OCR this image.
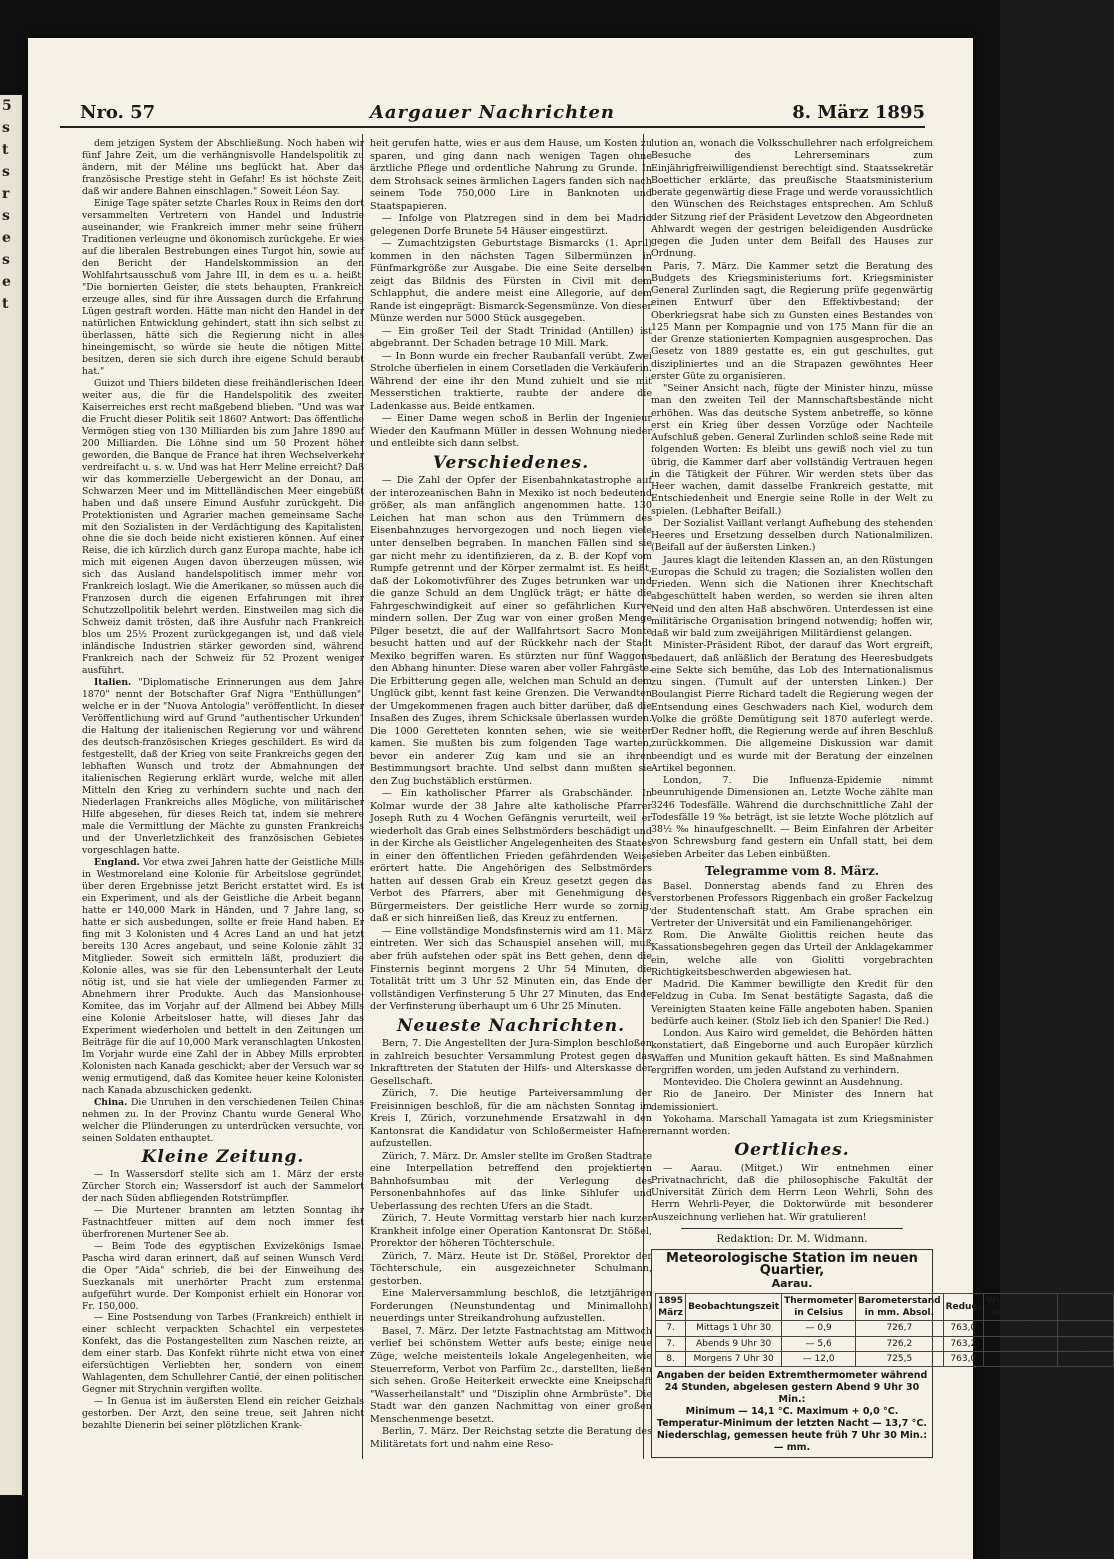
5
s
t
s
r
s
e
s
e
t
Nro. 57	Aargauer Nachrichten	8. März 1895

dem jetzigen System der Abschließung. Noch haben wir fünf Jahre Zeit, um die verhängnisvolle Handelspolitik zu ändern, mit der Méline uns beglückt hat. Aber das französische Prestige steht in Gefahr! Es ist höchste Zeit, daß wir andere Bahnen einschlagen." Soweit Léon Say.

Einige Tage später setzte Charles Roux in Reims den dort versammelten Vertretern von Handel und Industrie auseinander, wie Frankreich immer mehr seine frühern Traditionen verleugne und ökonomisch zurückgehe. Er wies auf die liberalen Bestrebungen eines Turgot hin, sowie auf den Bericht der Handelskommission an den Wohlfahrtsausschuß vom Jahre III, in dem es u. a. heißt: "Die bornierten Geister, die stets behaupten, Frankreich erzeuge alles, sind für ihre Aussagen durch die Erfahrung Lügen gestraft worden. Hätte man nicht den Handel in der natürlichen Entwicklung gehindert, statt ihn sich selbst zu überlassen, hätte sich die Regierung nicht in alles hineingemischt, so würde sie heute die nötigen Mittel besitzen, deren sie sich durch ihre eigene Schuld beraubt hat."

Guizot und Thiers bildeten diese freihändlerischen Ideen weiter aus, die für die Handelspolitik des zweiten Kaiserreiches erst recht maßgebend blieben. "Und was war die Frucht dieser Politik seit 1860? Antwort: Das öffentliche Vermögen stieg von 130 Milliarden bis zum Jahre 1890 auf 200 Milliarden. Die Löhne sind um 50 Prozent höher geworden, die Banque de France hat ihren Wechselverkehr verdreifacht u. s. w. Und was hat Herr Meline erreicht? Daß wir das kommerzielle Uebergewicht an der Donau, am Schwarzen Meer und im Mittelländischen Meer eingebüßt haben und daß unsere Einund Ausfuhr zurückgeht. Die Protektionisten und Agrarier machen gemeinsame Sache mit den Sozialisten in der Verdächtigung des Kapitalisten, ohne die sie doch beide nicht existieren können. Auf einer Reise, die ich kürzlich durch ganz Europa machte, habe ich mich mit eigenen Augen davon überzeugen müssen, wie sich das Ausland handelspolitisch immer mehr von Frankreich loslagt. Wie die Amerikaner, so müssen auch die Franzosen durch die eigenen Erfahrungen mit ihrer Schutzzollpolitik belehrt werden. Einstweilen mag sich die Schweiz damit trösten, daß ihre Ausfuhr nach Frankreich blos um 25½ Prozent zurückgegangen ist, und daß viele inländische Industrien stärker geworden sind, während Frankreich nach der Schweiz für 52 Prozent weniger ausführt.

Italien. "Diplomatische Erinnerungen aus dem Jahre 1870" nennt der Botschafter Graf Nigra "Enthüllungen", welche er in der "Nuova Antologia" veröffentlicht. In dieser Veröffentlichung wird auf Grund "authentischer Urkunden" die Haltung der italienischen Regierung vor und während des deutsch-französischen Krieges geschildert. Es wird da festgestellt, daß der Krieg von seite Frankreichs gegen den lebhaften Wunsch und trotz der Abmahnungen der italienischen Regierung erklärt wurde, welche mit allen Mitteln den Krieg zu verhindern suchte und nach den Niederlagen Frankreichs alles Mögliche, von militärischer Hilfe abgesehen, für dieses Reich tat, indem sie mehrere male die Vermittlung der Mächte zu gunsten Frankreichs und der Unverletzlichkeit des französischen Gebietes vorgeschlagen hatte.

England. Vor etwa zwei Jahren hatte der Geistliche Mills in Westmoreland eine Kolonie für Arbeitslose gegründet, über deren Ergebnisse jetzt Bericht erstattet wird. Es ist ein Experiment, und als der Geistliche die Arbeit begann, hatte er 140,000 Mark in Händen, und 7 Jahre lang, so hatte er sich ausbedungen, sollte er freie Hand haben. Er fing mit 3 Kolonisten und 4 Acres Land an und hat jetzt bereits 130 Acres angebaut, und seine Kolonie zählt 32 Mitglieder. Soweit sich ermitteln läßt, produziert die Kolonie alles, was sie für den Lebensunterhalt der Leute nötig ist, und sie hat viele der umliegenden Farmer zu Abnehmern ihrer Produkte. Auch das Mansionhouse-Komitee, das im Vorjahr auf der Allmend bei Abbey Mills eine Kolonie Arbeitsloser hatte, will dieses Jahr das Experiment wiederholen und bettelt in den Zeitungen um Beiträge für die auf 10,000 Mark veranschlagten Unkosten. Im Vorjahr wurde eine Zahl der in Abbey Mills erprobten Kolonisten nach Kanada geschickt; aber der Versuch war so wenig ermutigend, daß das Komitee heuer keine Kolonisten nach Kanada abzuschicken gedenkt.

China. Die Unruhen in den verschiedenen Teilen Chinas nehmen zu. In der Provinz Chantu wurde General Who, welcher die Plünderungen zu unterdrücken versuchte, von seinen Soldaten enthauptet.

Kleine Zeitung.

— In Wassersdorf stellte sich am 1. März der erste Zürcher Storch ein; Wassersdorf ist auch der Sammelort der nach Süden abfliegenden Rotstrümpfler.

— Die Murtener brannten am letzten Sonntag ihr Fastnachtfeuer mitten auf dem noch immer fest überfrorenen Murtener See ab.

— Beim Tode des egyptischen Exvizekönigs Ismael Pascha wird daran erinnert, daß auf seinen Wunsch Verdi die Oper "Aida" schrieb, die bei der Einweihung des Suezkanals mit unerhörter Pracht zum erstenmal aufgeführt wurde. Der Komponist erhielt ein Honorar von Fr. 150,000.

— Eine Postsendung von Tarbes (Frankreich) enthielt in einer schlecht verpackten Schachtel ein verpestetes Konfekt, das die Postangestellten zum Naschen reizte, an dem einer starb. Das Konfekt rührte nicht etwa von einer eifersüchtigen Verliebten her, sondern von einem Wahlagenten, dem Schullehrer Cantié, der einen politischen Gegner mit Strychnin vergiften wollte.

— In Genua ist im äußersten Elend ein reicher Geizhals gestorben. Der Arzt, den seine treue, seit Jahren nicht bezahlte Dienerin bei seiner plötzlichen Krank-

heit gerufen hatte, wies er aus dem Hause, um Kosten zu sparen, und ging dann nach wenigen Tagen ohne ärztliche Pflege und ordentliche Nahrung zu Grunde. In dem Strohsack seines ärmlichen Lagers fanden sich nach seinem Tode 750,000 Lire in Banknoten und Staatspapieren.

— Infolge von Platzregen sind in dem bei Madrid gelegenen Dorfe Brunete 54 Häuser eingestürzt.

— Zumachtzigsten Geburtstage Bismarcks (1. April) kommen in den nächsten Tagen Silbermünzen in Fünfmarkgröße zur Ausgabe. Die eine Seite derselben zeigt das Bildnis des Fürsten in Civil mit dem Schlapphut, die andere meist eine Allegorie, auf dem Rande ist eingeprägt: Bismarck-Segensmünze. Von dieser Münze werden nur 5000 Stück ausgegeben.

— Ein großer Teil der Stadt Trinidad (Antillen) ist abgebrannt. Der Schaden betrage 10 Mill. Mark.

— In Bonn wurde ein frecher Raubanfall verübt. Zwei Strolche überfielen in einem Corsetladen die Verkäuferin. Während der eine ihr den Mund zuhielt und sie mit Messerstichen traktierte, raubte der andere die Ladenkasse aus. Beide entkamen.

— Einer Dame wegen schoß in Berlin der Ingenieur Wieder den Kaufmann Müller in dessen Wohnung nieder und entleibte sich dann selbst.

Verschiedenes.

— Die Zahl der Opfer der Eisenbahnkatastrophe auf der interozeanischen Bahn in Mexiko ist noch bedeutend größer, als man anfänglich angenommen hatte. 130 Leichen hat man schon aus den Trümmern des Eisenbahnzuges hervorgezogen und noch liegen viele unter denselben begraben. In manchen Fällen sind sie gar nicht mehr zu identifizieren, da z. B. der Kopf vom Rumpfe getrennt und der Körper zermalmt ist. Es heißt, daß der Lokomotivführer des Zuges betrunken war und die ganze Schuld an dem Unglück trägt; er hätte die Fahrgeschwindigkeit auf einer so gefährlichen Kurve mindern sollen. Der Zug war von einer großen Menge Pilger besetzt, die auf der Wallfahrtsort Sacro Monte besucht hatten und auf der Rückkehr nach der Stadt Mexiko begriffen waren. Es stürzten nur fünf Waggons den Abhang hinunter. Diese waren aber voller Fahrgäste. Die Erbitterung gegen alle, welchen man Schuld an dem Unglück gibt, kennt fast keine Grenzen. Die Verwandten der Umgekommenen fragen auch bitter darüber, daß die Insaßen des Zuges, ihrem Schicksale überlassen wurden. Die 1000 Geretteten konnten sehen, wie sie weiter kamen. Sie mußten bis zum folgenden Tage warten, bevor ein anderer Zug kam und sie an ihren Bestimmungsort brachte. Und selbst dann mußten sie den Zug buchstäblich erstürmen.

— Ein katholischer Pfarrer als Grabschänder. In Kolmar wurde der 38 Jahre alte katholische Pfarrer Joseph Ruth zu 4 Wochen Gefängnis verurteilt, weil er wiederholt das Grab eines Selbstmörders beschädigt und in der Kirche als Geistlicher Angelegenheiten des Staates in einer den öffentlichen Frieden gefährdenden Weise erörtert hatte. Die Angehörigen des Selbstmörders hatten auf dessen Grab ein Kreuz gesetzt gegen das Verbot des Pfarrers, aber mit Genehmigung des Bürgermeisters. Der geistliche Herr wurde so zornig, daß er sich hinreißen ließ, das Kreuz zu entfernen.

— Eine vollständige Mondsfinsternis wird am 11. März eintreten. Wer sich das Schauspiel ansehen will, muß aber früh aufstehen oder spät ins Bett gehen, denn die Finsternis beginnt morgens 2 Uhr 54 Minuten, die Totalität tritt um 3 Uhr 52 Minuten ein, das Ende der vollständigen Verfinsterung 5 Uhr 27 Minuten, das Ende der Verfinsterung überhaupt um 6 Uhr 25 Minuten.

Neueste Nachrichten.

Bern, 7. Die Angestellten der Jura-Simplon beschloßen in zahlreich besuchter Versammlung Protest gegen das Inkrafttreten der Statuten der Hilfs- und Alterskasse der Gesellschaft.

Zürich, 7. Die heutige Parteiversammlung der Freisinnigen beschloß, für die am nächsten Sonntag im Kreis I, Zürich, vorzunehmende Ersatzwahl in den Kantonsrat die Kandidatur von Schloßermeister Hafner aufzustellen.

Zürich, 7. März. Dr. Amsler stellte im Großen Stadtrate eine Interpellation betreffend den projektierten Bahnhofsumbau mit der Verlegung des Personenbahnhofes auf das linke Sihlufer und Ueberlassung des rechten Ufers an die Stadt.

Zürich, 7. Heute Vormittag verstarb hier nach kurzer Krankheit infolge einer Operation Kantonsrat Dr. Stößel, Prorektor der höheren Töchterschule.

Zürich, 7. März. Heute ist Dr. Stößel, Prorektor der Töchterschule, ein ausgezeichneter Schulmann, gestorben.

Eine Malerversammlung beschloß, die letztjährigen Forderungen (Neunstundentag und Minimallohn) neuerdings unter Streikandrohung aufzustellen.

Basel, 7. März. Der letzte Fastnachtstag am Mittwoch verlief bei schönstem Wetter aufs beste; einige neue Züge, welche meistenteils lokale Angelegenheiten, wie Steuerreform, Verbot von Parfüm 2c., darstellten, ließen sich sehen. Große Heiterkeit erweckte eine Kneipschaft "Wasserheilanstalt" und "Disziplin ohne Armbrüste". Die Stadt war den ganzen Nachmittag von einer großen Menschenmenge besetzt.

Berlin, 7. März. Der Reichstag setzte die Beratung des Militäretats fort und nahm eine Reso-

lution an, wonach die Volksschullehrer nach erfolgreichem Besuche des Lehrerseminars zum Einjährigfreiwilligendienst berechtigt sind. Staatssekretär Boetticher erklärte, das preußische Staatsministerium berate gegenwärtig diese Frage und werde voraussichtlich den Wünschen des Reichstages entsprechen. Am Schluß der Sitzung rief der Präsident Levetzow den Abgeordneten Ahlwardt wegen der gestrigen beleidigenden Ausdrücke gegen die Juden unter dem Beifall des Hauses zur Ordnung.

Paris, 7. März. Die Kammer setzt die Beratung des Budgets des Kriegsministeriums fort. Kriegsminister General Zurlinden sagt, die Regierung prüfe gegenwärtig einen Entwurf über den Effektivbestand; der Oberkriegsrat habe sich zu Gunsten eines Bestandes von 125 Mann per Kompagnie und von 175 Mann für die an der Grenze stationierten Kompagnien ausgesprochen. Das Gesetz von 1889 gestatte es, ein gut geschultes, gut diszipliniertes und an die Strapazen gewöhntes Heer erster Güte zu organisieren.

"Seiner Ansicht nach, fügte der Minister hinzu, müsse man den zweiten Teil der Mannschaftsbestände nicht erhöhen. Was das deutsche System anbetreffe, so könne erst ein Krieg über dessen Vorzüge oder Nachteile Aufschluß geben. General Zurlinden schloß seine Rede mit folgenden Worten: Es bleibt uns gewiß noch viel zu tun übrig, die Kammer darf aber vollständig Vertrauen hegen in die Tätigkeit der Führer. Wir werden stets über das Heer wachen, damit dasselbe Frankreich gestatte, mit Entschiedenheit und Energie seine Rolle in der Welt zu spielen. (Lebhafter Beifall.)

Der Sozialist Vaillant verlangt Aufhebung des stehenden Heeres und Ersetzung desselben durch Nationalmilizen. (Beifall auf der äußersten Linken.)

Jaures klagt die leitenden Klassen an, an den Rüstungen Europas die Schuld zu tragen; die Sozialisten wollen den Frieden. Wenn sich die Nationen ihrer Knechtschaft abgeschüttelt haben werden, so werden sie ihren alten Neid und den alten Haß abschwören. Unterdessen ist eine militärische Organisation bringend notwendig; hoffen wir, daß wir bald zum zweijährigen Militärdienst gelangen.

Minister-Präsident Ribot, der darauf das Wort ergreift, bedauert, daß anläßlich der Beratung des Heeresbudgets eine Sekte sich bemühe, das Lob des Internationalismus zu singen. (Tumult auf der untersten Linken.) Der Boulangist Pierre Richard tadelt die Regierung wegen der Entsendung eines Geschwaders nach Kiel, wodurch dem Volke die größte Demütigung seit 1870 auferlegt werde. Der Redner hofft, die Regierung werde auf ihren Beschluß zurückkommen. Die allgemeine Diskussion war damit beendigt und es wurde mit der Beratung der einzelnen Artikel begonnen.

London, 7. Die Influenza-Epidemie nimmt beunruhigende Dimensionen an. Letzte Woche zählte man 3246 Todesfälle. Während die durchschnittliche Zahl der Todesfälle 19 ‰ beträgt, ist sie letzte Woche plötzlich auf 38½ ‰ hinaufgeschnellt. — Beim Einfahren der Arbeiter von Schrewsburg fand gestern ein Unfall statt, bei dem sieben Arbeiter das Leben einbüßten.

Telegramme vom 8. März.

Basel. Donnerstag abends fand zu Ehren des verstorbenen Professors Riggenbach ein großer Fackelzug der Studentenschaft statt. Am Grabe sprachen ein Vertreter der Universität und ein Familienangehöriger.

Rom. Die Anwälte Giolittis reichen heute das Kassationsbegehren gegen das Urteil der Anklagekammer ein, welche alle von Giolitti vorgebrachten Richtigkeitsbeschwerden abgewiesen hat.

Madrid. Die Kammer bewilligte den Kredit für den Feldzug in Cuba. Im Senat bestätigte Sagasta, daß die Vereinigten Staaten keine Fälle angeboten haben. Spanien bedürfe auch keiner. (Stolz lieb ich den Spanier! Die Red.)

London. Aus Kairo wird gemeldet, die Behörden hätten konstatiert, daß Eingeborne und auch Europäer kürzlich Waffen und Munition gekauft hätten. Es sind Maßnahmen ergriffen worden, um jeden Aufstand zu verhindern.

Montevideo. Die Cholera gewinnt an Ausdehnung.

Rio de Janeiro. Der Minister des Innern hat demissioniert.

Yokohama. Marschall Yamagata ist zum Kriegsminister ernannt worden.

Oertliches.

— Aarau. (Mitget.) Wir entnehmen einer Privatnachricht, daß die philosophische Fakultät der Universität Zürich dem Herrn Leon Wehrli, Sohn des Herrn Wehrli-Peyer, die Doktorwürde mit besonderer Auszeichnung verliehen hat. Wir gratulieren!

Redaktion: Dr. M. Widmann.
Meteorologische Station im neuen Quartier,
Aarau.
1895 März	Beobachtungszeit	Thermometer in Celsius	Barometerstand in mm. Absol.	Redue.	Windrichtung und Stärke.	Witterung
7.	Mittags 1 Uhr 30	— 0,9	726,7	763,0	NE,½	hell
7.	Abends 9 Uhr 30	— 5,6	726,2	763,2	NE,	hell
8.	Morgens 7 Uhr 30	— 12,0	725,5	763,0	N,	hell
Angaben der beiden Extremthermometer während 24 Stunden, abgelesen gestern Abend 9 Uhr 30 Min.:
Minimum — 14,1 °C. Maximum + 0,0 °C.
Temperatur-Minimum der letzten Nacht — 13,7 °C.
Niederschlag, gemessen heute früh 7 Uhr 30 Min.: — mm.
